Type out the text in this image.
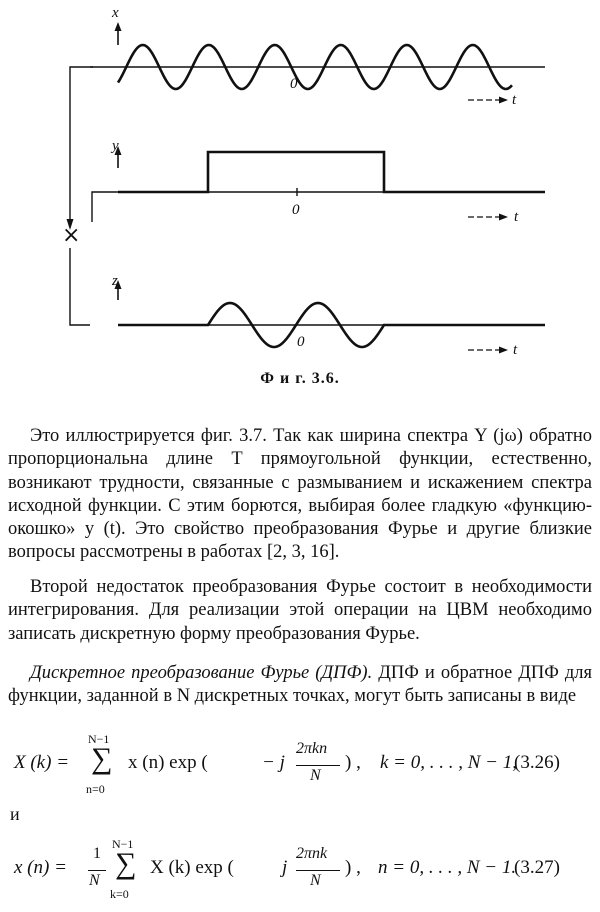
x
y
z
t
t
t
0
0
0
×
Ф и г. 3.6.

Это иллюстрируется фиг. 3.7. Так как ширина спектра Y (jω) обратно пропорциональна длине T прямоугольной функции, естественно, возникают трудности, связанные с размыванием и искажением спектра исходной функции. С этим борются, выбирая более гладкую «функцию-окошко» y (t). Это свойство преобразования Фурье и другие близкие вопросы рассмотрены в работах [2, 3, 16].

Второй недостаток преобразования Фурье состоит в необходимости интегрирования. Для реализации этой операции на ЦВМ необходимо записать дискретную форму преобразования Фурье.

Дискретное преобразование Фурье (ДПФ). ДПФ и обратное ДПФ для функции, заданной в N дискретных точках, могут быть записаны в виде

X (k) =
N−1
∑
n=0
x (n) exp (	− j
2πkn
N
) , k = 0, . . . , N − 1,
(3.26)
и
x (n) =
1
N
N−1
∑
k=0
X (k) exp (	j
2πnk
N
) , n = 0, . . . , N − 1.
(3.27)
